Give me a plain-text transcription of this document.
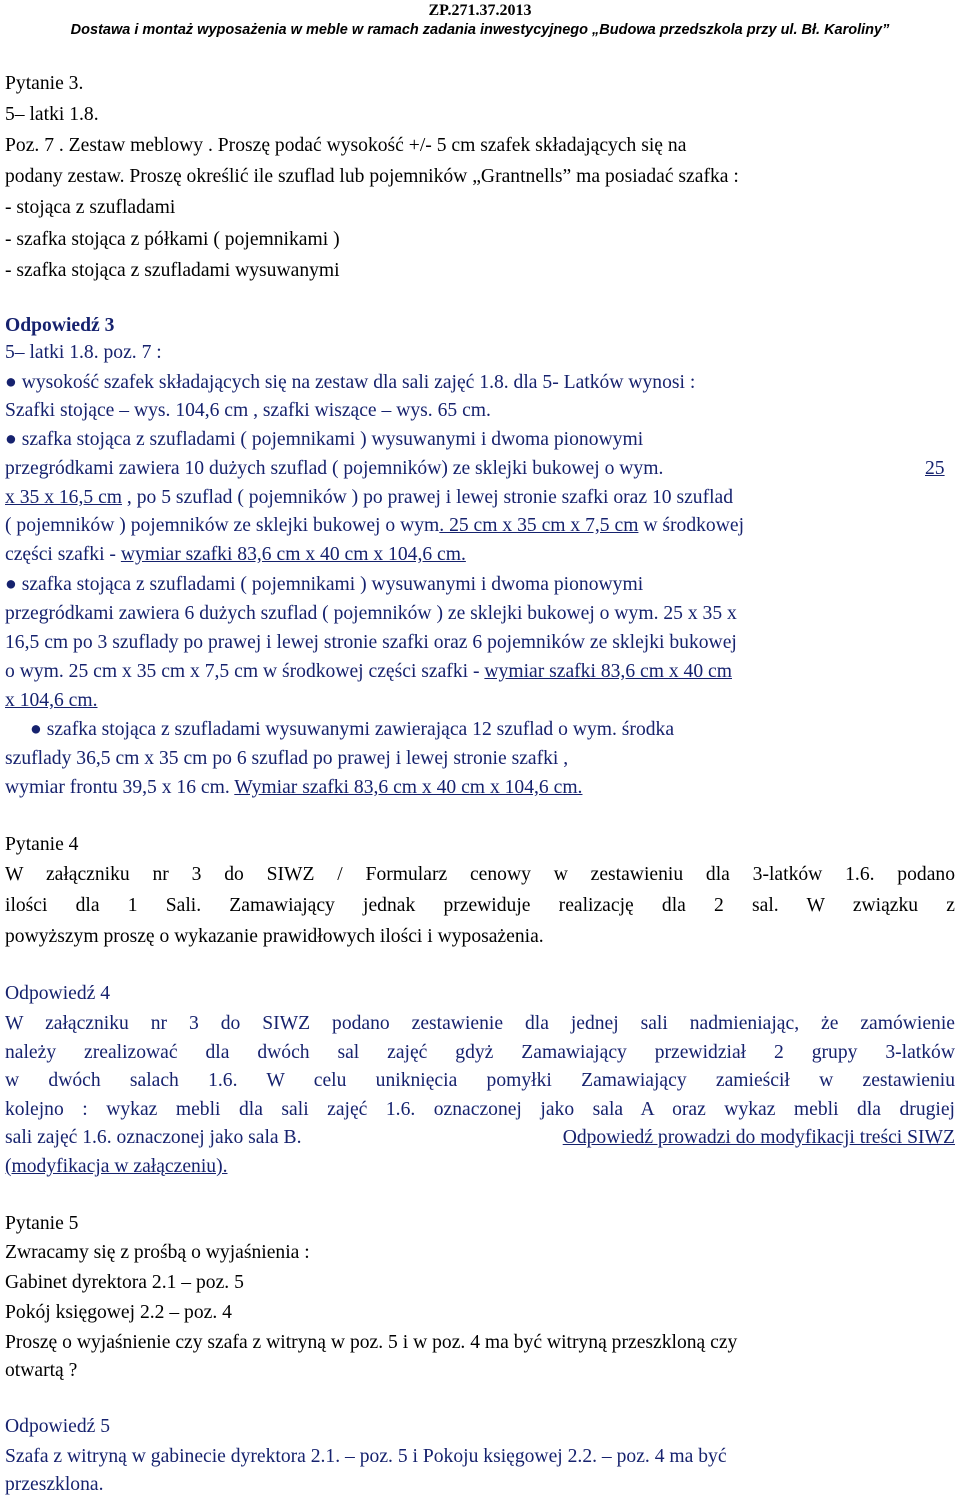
ZP.271.37.2013
Dostawa i montaż wyposażenia w meble w ramach zadania inwestycyjnego „Budowa przedszkola przy ul. Bł. Karoliny”
Pytanie 3.
5– latki 1.8.
Poz. 7 . Zestaw meblowy . Proszę podać wysokość +/- 5 cm szafek składających się na
podany zestaw. Proszę określić ile szuflad lub pojemników „Grantnells” ma posiadać szafka :
- stojąca z szufladami
- szafka stojąca z półkami ( pojemnikami )
- szafka stojąca z szufladami wysuwanymi
Odpowiedź 3
5– latki 1.8. poz. 7 :
● wysokość szafek składających się na zestaw dla sali zajęć 1.8. dla 5- Latków wynosi :
Szafki stojące – wys. 104,6 cm , szafki wiszące – wys. 65 cm.
● szafka stojąca z szufladami ( pojemnikami ) wysuwanymi i dwoma pionowymi
przegródkami zawiera 10 dużych szuflad ( pojemników) ze sklejki bukowej o wym.	25
x 35 x 16,5 cm , po 5 szuflad ( pojemników ) po prawej i lewej stronie szafki oraz 10 szuflad
( pojemników ) pojemników ze sklejki bukowej o wym. 25 cm x 35 cm x 7,5 cm w środkowej
części szafki - wymiar szafki 83,6 cm x 40 cm x 104,6 cm.
● szafka stojąca z szufladami ( pojemnikami ) wysuwanymi i dwoma pionowymi
przegródkami zawiera 6 dużych szuflad ( pojemników ) ze sklejki bukowej o wym. 25 x 35 x
16,5 cm po 3 szuflady po prawej i lewej stronie szafki oraz 6 pojemników ze sklejki bukowej
o wym. 25 cm x 35 cm x 7,5 cm w środkowej części szafki - wymiar szafki 83,6 cm x 40 cm
x 104,6 cm.
● szafka stojąca z szufladami wysuwanymi zawierająca 12 szuflad o wym. środka
szuflady 36,5 cm x 35 cm po 6 szuflad po prawej i lewej stronie szafki ,
wymiar frontu 39,5 x 16 cm. Wymiar szafki 83,6 cm x 40 cm x 104,6 cm.
Pytanie 4
W załączniku nr 3 do SIWZ / Formularz cenowy w zestawieniu dla 3-latków 1.6. podano
ilości dla 1 Sali. Zamawiający jednak przewiduje realizację dla 2 sal. W związku z
powyższym proszę o wykazanie prawidłowych ilości i wyposażenia.
Odpowiedź 4
W załączniku nr 3 do SIWZ podano zestawienie dla jednej sali nadmieniając, że zamówienie
należy zrealizować dla dwóch sal zajęć gdyż Zamawiający przewidział 2 grupy 3-latków
w dwóch salach 1.6. W celu uniknięcia pomyłki Zamawiający zamieścił w zestawieniu
kolejno : wykaz mebli dla sali zajęć 1.6. oznaczonej jako sala A oraz wykaz mebli dla drugiej
sali zajęć 1.6. oznaczonej jako sala B.	Odpowiedź prowadzi do modyfikacji treści SIWZ
(modyfikacja w załączeniu).
Pytanie 5
Zwracamy się z prośbą o wyjaśnienia :
Gabinet dyrektora 2.1 – poz. 5
Pokój księgowej 2.2 – poz. 4
Proszę o wyjaśnienie czy szafa z witryną w poz. 5 i w poz. 4 ma być witryną przeszkloną czy
otwartą ?
Odpowiedź 5
Szafa z witryną w gabinecie dyrektora 2.1. – poz. 5 i Pokoju księgowej 2.2. – poz. 4 ma być
przeszklona.
